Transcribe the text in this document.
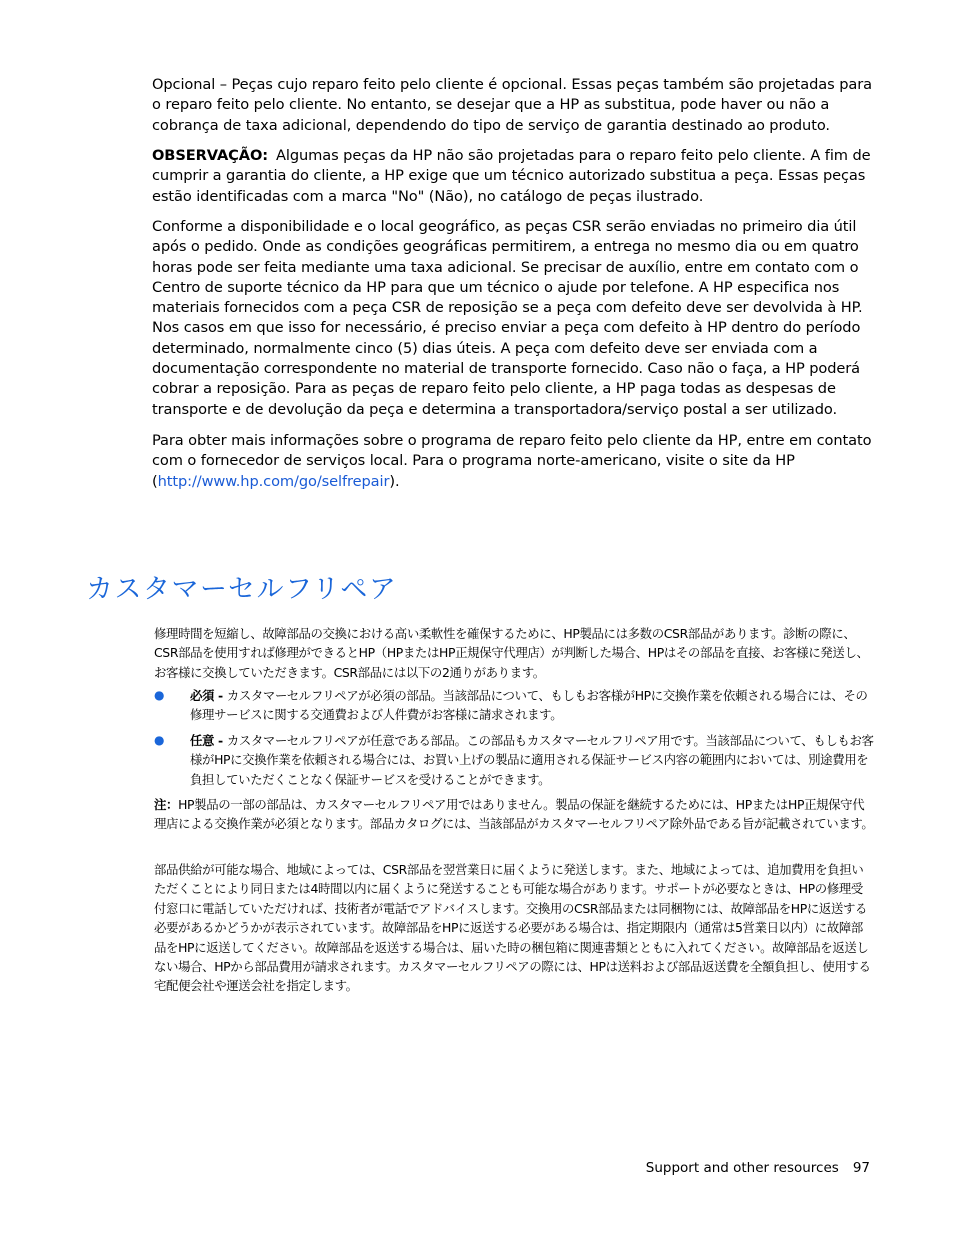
Opcional – Peças cujo reparo feito pelo cliente é opcional. Essas peças também são projetadas para o reparo feito pelo cliente. No entanto, se desejar que a HP as substitua, pode haver ou não a cobrança de taxa adicional, dependendo do tipo de serviço de garantia destinado ao produto.

OBSERVAÇÃO: Algumas peças da HP não são projetadas para o reparo feito pelo cliente. A fim de cumprir a garantia do cliente, a HP exige que um técnico autorizado substitua a peça. Essas peças estão identificadas com a marca "No" (Não), no catálogo de peças ilustrado.

Conforme a disponibilidade e o local geográfico, as peças CSR serão enviadas no primeiro dia útil após o pedido. Onde as condições geográficas permitirem, a entrega no mesmo dia ou em quatro horas pode ser feita mediante uma taxa adicional. Se precisar de auxílio, entre em contato com o Centro de suporte técnico da HP para que um técnico o ajude por telefone. A HP especifica nos materiais fornecidos com a peça CSR de reposição se a peça com defeito deve ser devolvida à HP. Nos casos em que isso for necessário, é preciso enviar a peça com defeito à HP dentro do período determinado, normalmente cinco (5) dias úteis. A peça com defeito deve ser enviada com a documentação correspondente no material de transporte fornecido. Caso não o faça, a HP poderá cobrar a reposição. Para as peças de reparo feito pelo cliente, a HP paga todas as despesas de transporte e de devolução da peça e determina a transportadora/serviço postal a ser utilizado.

Para obter mais informações sobre o programa de reparo feito pelo cliente da HP, entre em contato com o fornecedor de serviços local. Para o programa norte-americano, visite o site da HP (http://www.hp.com/go/selfrepair).

カスタマーセルフリペア

修理時間を短縮し、故障部品の交換における高い柔軟性を確保するために、HP製品には多数のCSR部品があります。診断の際に、CSR部品を使用すれば修理ができるとHP（HPまたはHP正規保守代理店）が判断した場合、HPはその部品を直接、お客様に発送し、お客様に交換していただきます。CSR部品には以下の2通りがあります。

● 必須 - カスタマーセルフリペアが必須の部品。当該部品について、もしもお客様がHPに交換作業を依頼される場合には、その修理サービスに関する交通費および人件費がお客様に請求されます。
● 任意 - カスタマーセルフリペアが任意である部品。この部品もカスタマーセルフリペア用です。当該部品について、もしもお客様がHPに交換作業を依頼される場合には、お買い上げの製品に適用される保証サービス内容の範囲内においては、別途費用を負担していただくことなく保証サービスを受けることができます。

注：HP製品の一部の部品は、カスタマーセルフリペア用ではありません。製品の保証を継続するためには、HPまたはHP正規保守代理店による交換作業が必須となります。部品カタログには、当該部品がカスタマーセルフリペア除外品である旨が記載されています。

部品供給が可能な場合、地域によっては、CSR部品を翌営業日に届くように発送します。また、地域によっては、追加費用を負担いただくことにより同日または4時間以内に届くように発送することも可能な場合があります。サポートが必要なときは、HPの修理受付窓口に電話していただければ、技術者が電話でアドバイスします。交換用のCSR部品または同梱物には、故障部品をHPに返送する必要があるかどうかが表示されています。故障部品をHPに返送する必要がある場合は、指定期限内（通常は5営業日以内）に故障部品をHPに返送してください。故障部品を返送する場合は、届いた時の梱包箱に関連書類とともに入れてください。故障部品を返送しない場合、HPから部品費用が請求されます。カスタマーセルフリペアの際には、HPは送料および部品返送費を全額負担し、使用する宅配便会社や運送会社を指定します。

Support and other resources 97
